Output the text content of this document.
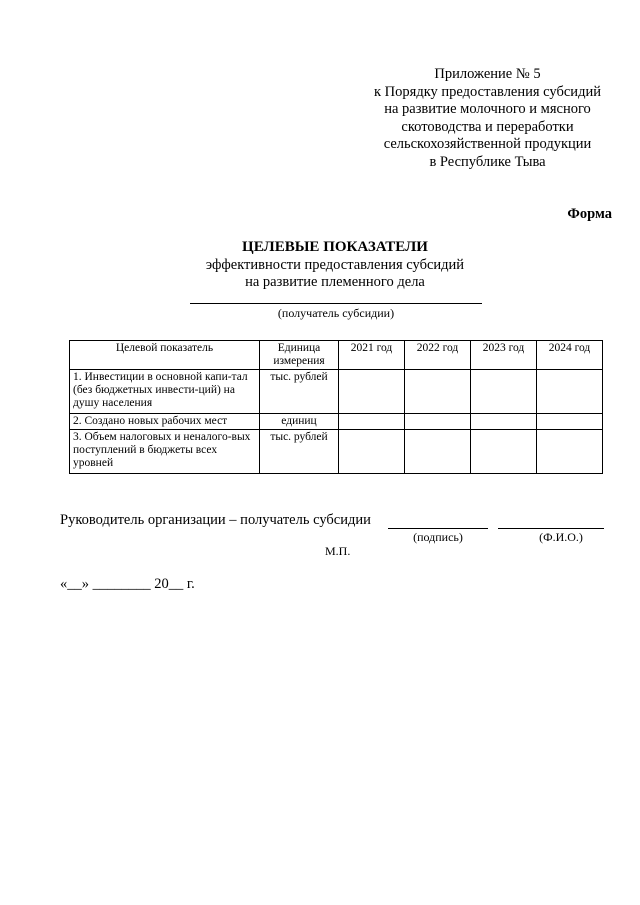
Приложение № 5
к Порядку предоставления субсидий
на развитие молочного и мясного
скотоводства и переработки
сельскохозяйственной продукции
в Республике Тыва
Форма
ЦЕЛЕВЫЕ ПОКАЗАТЕЛИ
эффективности предоставления субсидий
на развитие племенного дела
(получатель субсидии)
Целевой показатель	Единица измерения	2021 год	2022 год	2023 год	2024 год
1. Инвестиции в основной капи-тал (без бюджетных инвести-ций) на душу населения	тыс. рублей				
2. Создано новых рабочих мест	единиц				
3. Объем налоговых и неналого-вых поступлений в бюджеты всех уровней	тыс. рублей				
Руководитель организации – получатель субсидии
(подпись)	(Ф.И.О.)
М.П.
«__» ________ 20__ г.
